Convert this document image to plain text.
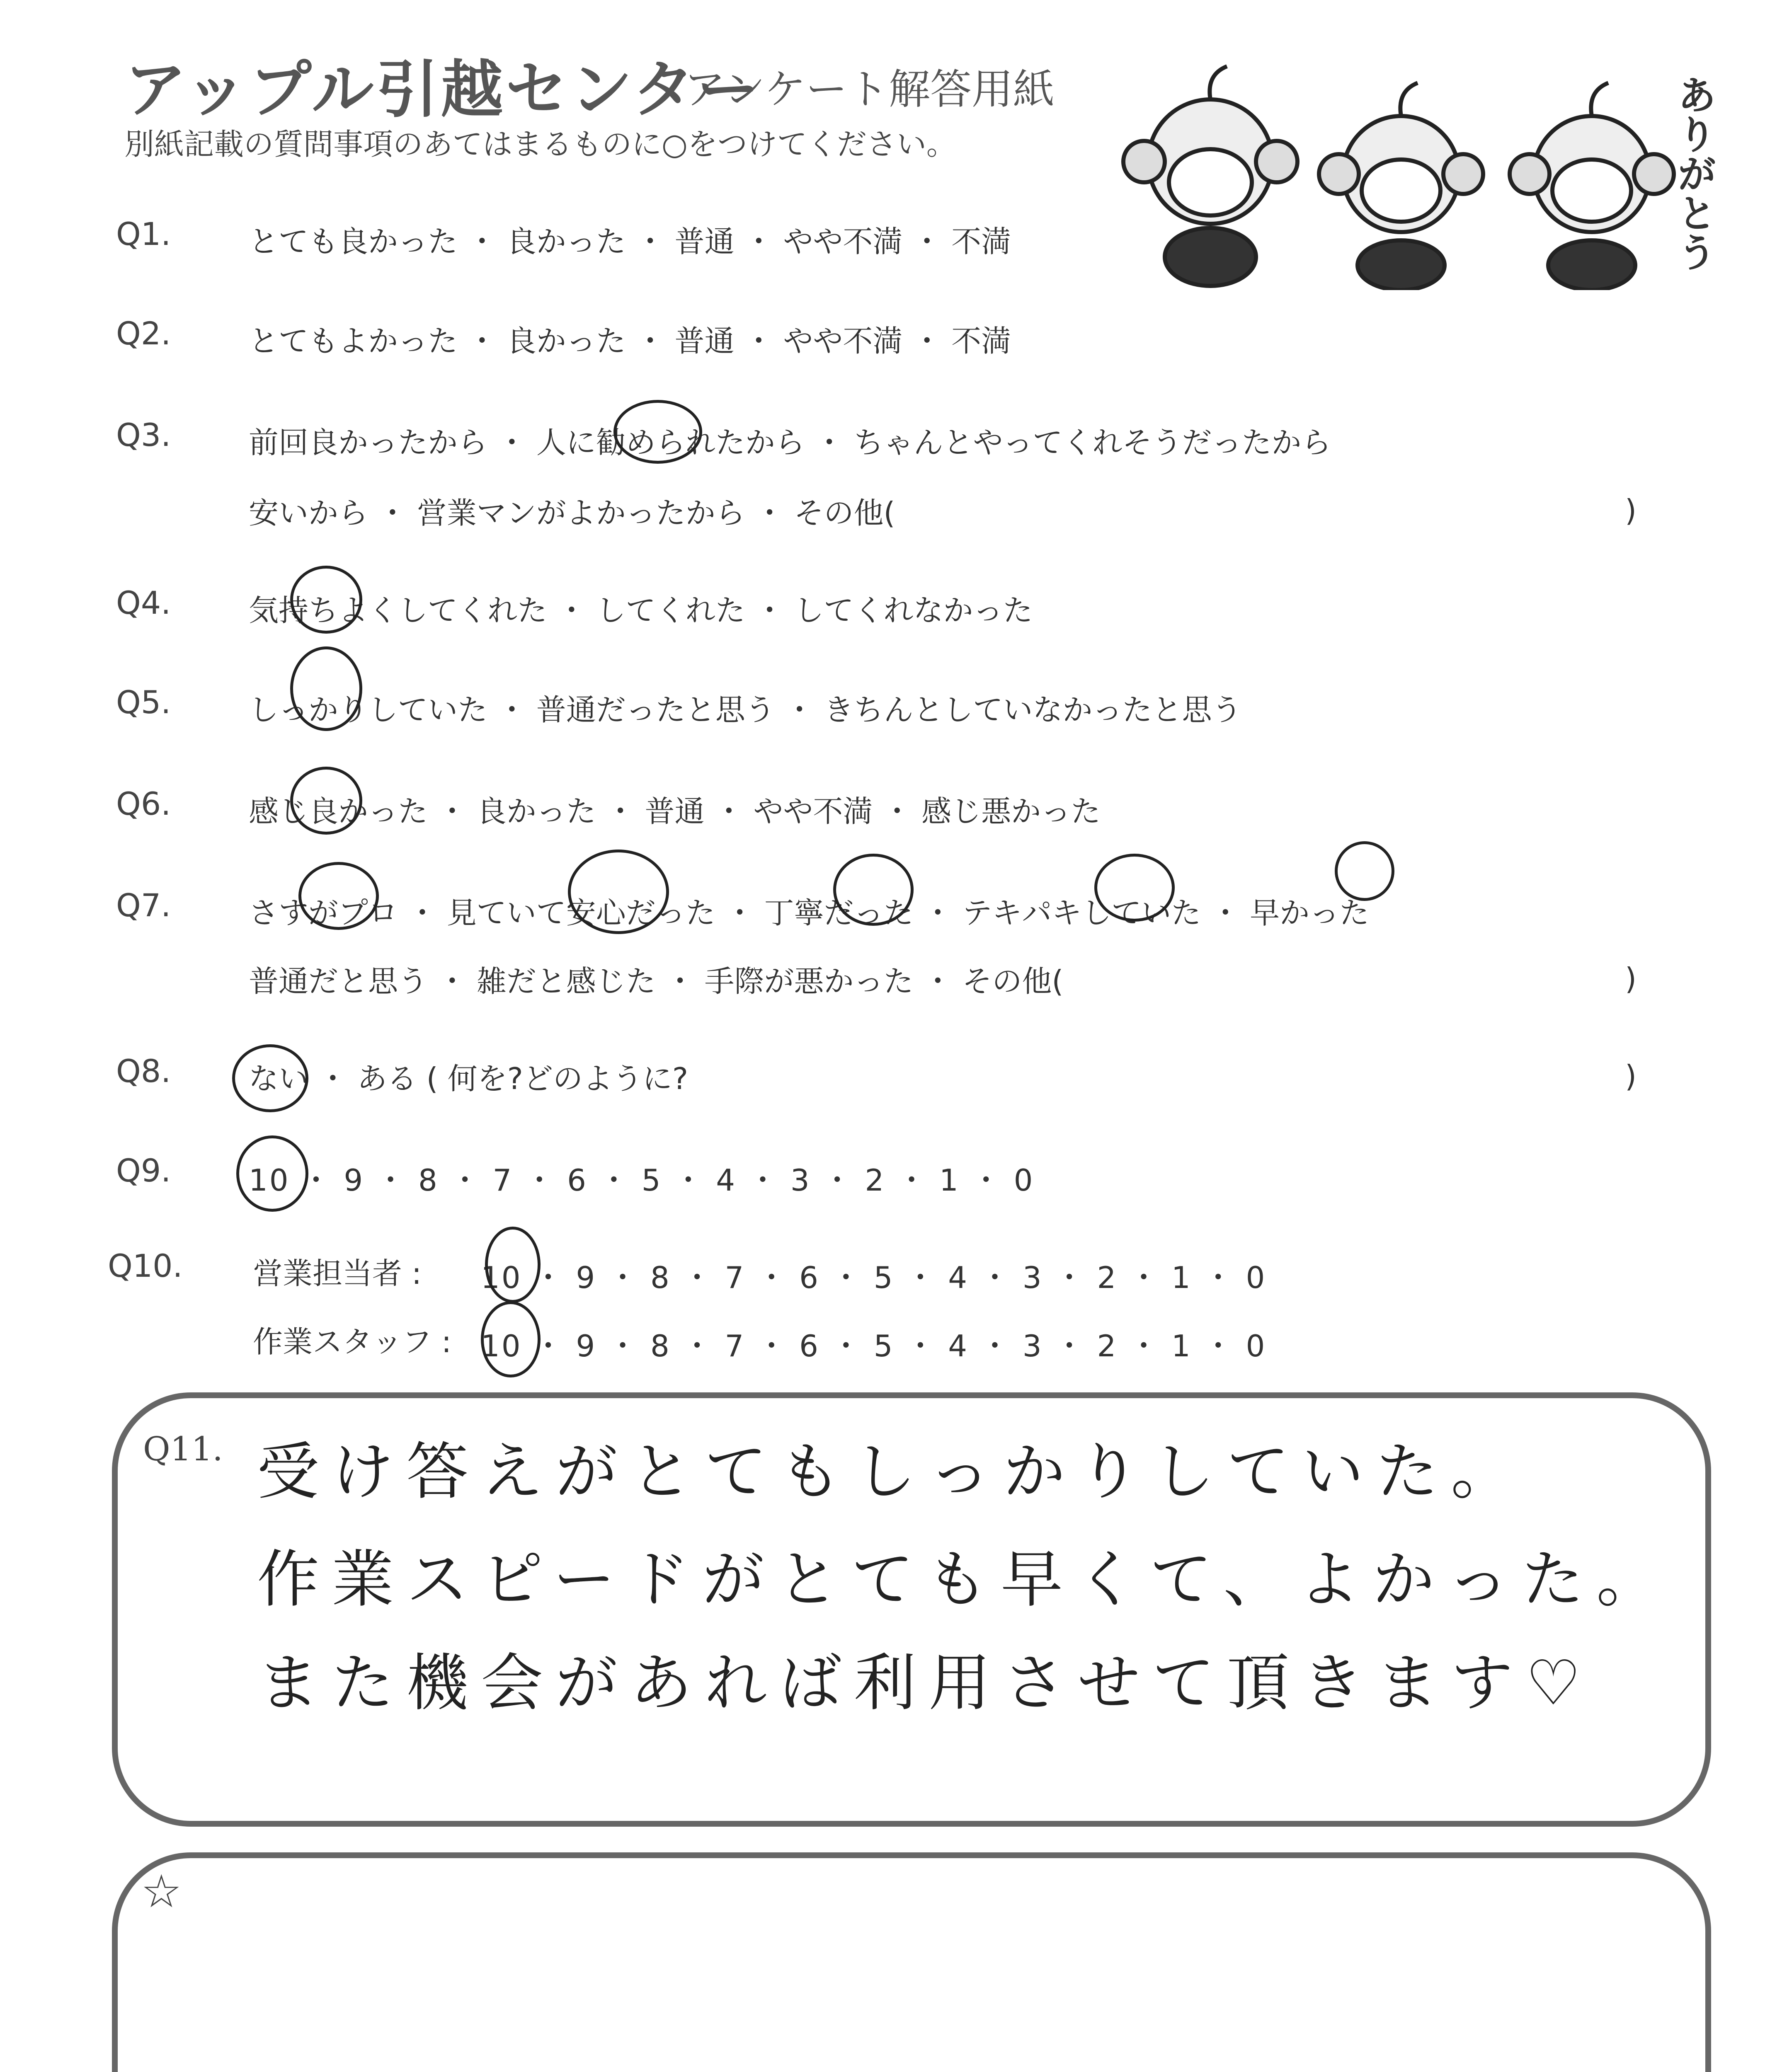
アップル引越センター
アンケート解答用紙
別紙記載の質問事項のあてはまるものに○をつけてください。	ありがとう
Q1.	とても良かった ・ 良かった ・ 普通 ・ やや不満 ・ 不満
Q2.	とてもよかった ・ 良かった ・ 普通 ・ やや不満 ・ 不満
Q3.	前回良かったから ・ 人に勧められたから ・ ちゃんとやってくれそうだったから
安いから ・ 営業マンがよかったから ・ その他(	)
Q4.	気持ちよくしてくれた ・ してくれた ・ してくれなかった
Q5.	しっかりしていた ・ 普通だったと思う ・ きちんとしていなかったと思う
Q6.	感じ良かった ・ 良かった ・ 普通 ・ やや不満 ・ 感じ悪かった
Q7.	さすがプロ ・ 見ていて安心だった ・ 丁寧だった ・ テキパキしていた ・ 早かった
普通だと思う ・ 雑だと感じた ・ 手際が悪かった ・ その他(	)
Q8.	ない ・ ある ( 何を?どのように?	)
Q9.	10 ・ 9 ・ 8 ・ 7 ・ 6 ・ 5 ・ 4 ・ 3 ・ 2 ・ 1 ・ 0
Q10. 営業担当者 : 10 ・ 9 ・ 8 ・ 7 ・ 6 ・ 5 ・ 4 ・ 3 ・ 2 ・ 1 ・ 0
作業スタッフ : 10 ・ 9 ・ 8 ・ 7 ・ 6 ・ 5 ・ 4 ・ 3 ・ 2 ・ 1 ・ 0
Q11. 受け答えがとてもしっかりしていた。
作業スピードがとても早くて、よかった。
また機会があれば利用させて頂きます♡
☆
